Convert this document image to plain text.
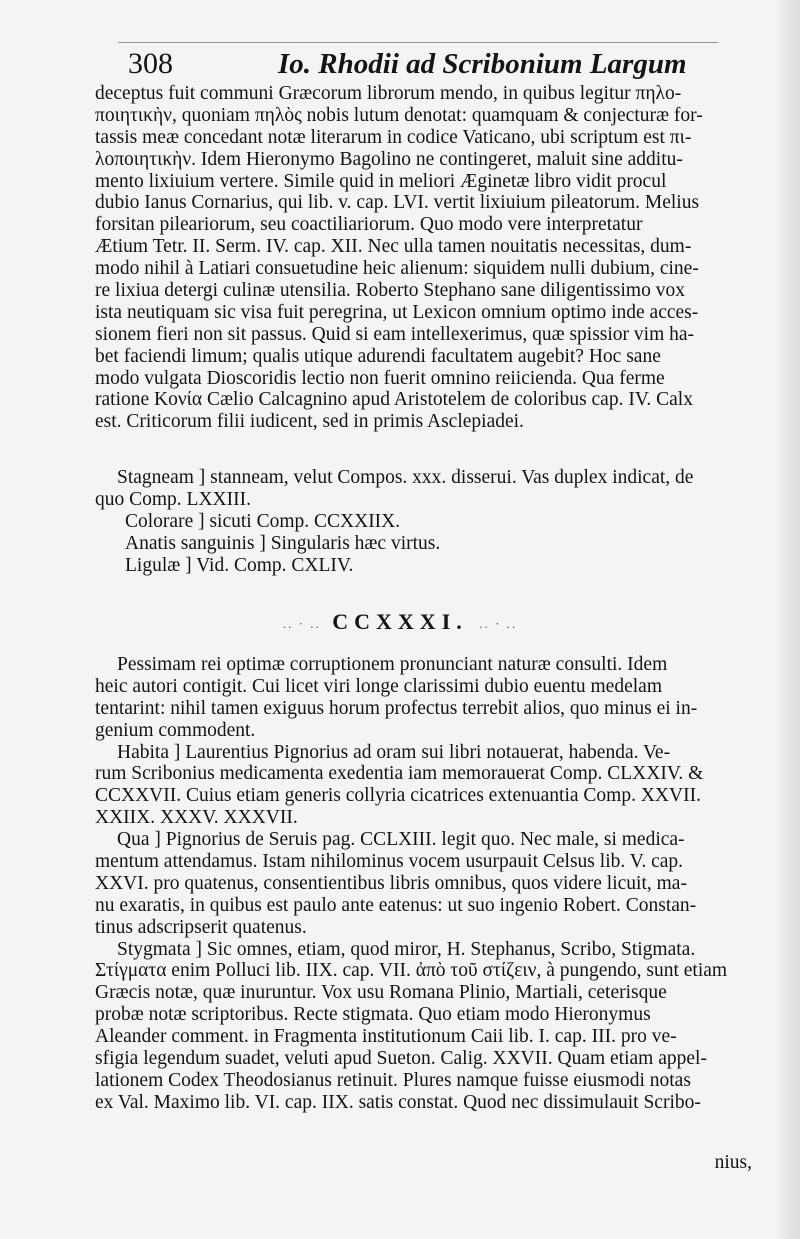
308	Io. Rhodii ad Scribonium Largum
deceptus fuit communi Græcorum librorum mendo, in quibus legitur πηλο-
ποιητικὴν, quoniam πηλὸς nobis lutum denotat: quamquam & conjecturæ for-
tassis meæ concedant notæ literarum in codice Vaticano, ubi scriptum est πι-
λοποιητικὴν. Idem Hieronymo Bagolino ne contingeret, maluit sine additu-
mento lixiuium vertere. Simile quid in meliori Æginetæ libro vidit procul
dubio Ianus Cornarius, qui lib. v. cap. LVI. vertit lixiuium pileatorum. Melius
forsitan pileariorum, seu coactiliariorum. Quo modo vere interpretatur
Ætium Tetr. II. Serm. IV. cap. XII. Nec ulla tamen nouitatis necessitas, dum-
modo nihil à Latiari consuetudine heic alienum: siquidem nulli dubium, cine-
re lixiua detergi culinæ utensilia. Roberto Stephano sane diligentissimo vox
ista neutiquam sic visa fuit peregrina, ut Lexicon omnium optimo inde acces-
sionem fieri non sit passus. Quid si eam intellexerimus, quæ spissior vim ha-
bet faciendi limum; qualis utique adurendi facultatem augebit? Hoc sane
modo vulgata Dioscoridis lectio non fuerit omnino reiicienda. Qua ferme
ratione Κονία Cælio Calcagnino apud Aristotelem de coloribus cap. IV. Calx
est. Criticorum filii iudicent, sed in primis Asclepiadei.
Stagneam ] stanneam, velut Compos. xxx. disserui. Vas duplex indicat, de
quo Comp. LXXIII.
Colorare ] sicuti Comp. CCXXIIX.
Anatis sanguinis ] Singularis hæc virtus.
Ligulæ ] Vid. Comp. CXLIV.
.. · .. CCXXXI. .. · ..
Pessimam rei optimæ corruptionem pronunciant naturæ consulti. Idem
heic autori contigit. Cui licet viri longe clarissimi dubio euentu medelam
tentarint: nihil tamen exiguus horum profectus terrebit alios, quo minus ei in-
genium commodent.
Habita ] Laurentius Pignorius ad oram sui libri notauerat, habenda. Ve-
rum Scribonius medicamenta exedentia iam memorauerat Comp. CLXXIV. &
CCXXVII. Cuius etiam generis collyria cicatrices extenuantia Comp. XXVII.
XXIIX. XXXV. XXXVII.
Qua ] Pignorius de Seruis pag. CCLXIII. legit quo. Nec male, si medica-
mentum attendamus. Istam nihilominus vocem usurpauit Celsus lib. V. cap.
XXVI. pro quatenus, consentientibus libris omnibus, quos videre licuit, ma-
nu exaratis, in quibus est paulo ante eatenus: ut suo ingenio Robert. Constan-
tinus adscripserit quatenus.
Stygmata ] Sic omnes, etiam, quod miror, H. Stephanus, Scribo, Stigmata.
Στίγματα enim Polluci lib. IIX. cap. VII. ἀπὸ τοῦ στίζειν, à pungendo, sunt etiam
Græcis notæ, quæ inuruntur. Vox usu Romana Plinio, Martiali, ceterisque
probæ notæ scriptoribus. Recte stigmata. Quo etiam modo Hieronymus
Aleander comment. in Fragmenta institutionum Caii lib. I. cap. III. pro ve-
sfigia legendum suadet, veluti apud Sueton. Calig. XXVII. Quam etiam appel-
lationem Codex Theodosianus retinuit. Plures namque fuisse eiusmodi notas
ex Val. Maximo lib. VI. cap. IIX. satis constat. Quod nec dissimulauit Scribo-
nius,
